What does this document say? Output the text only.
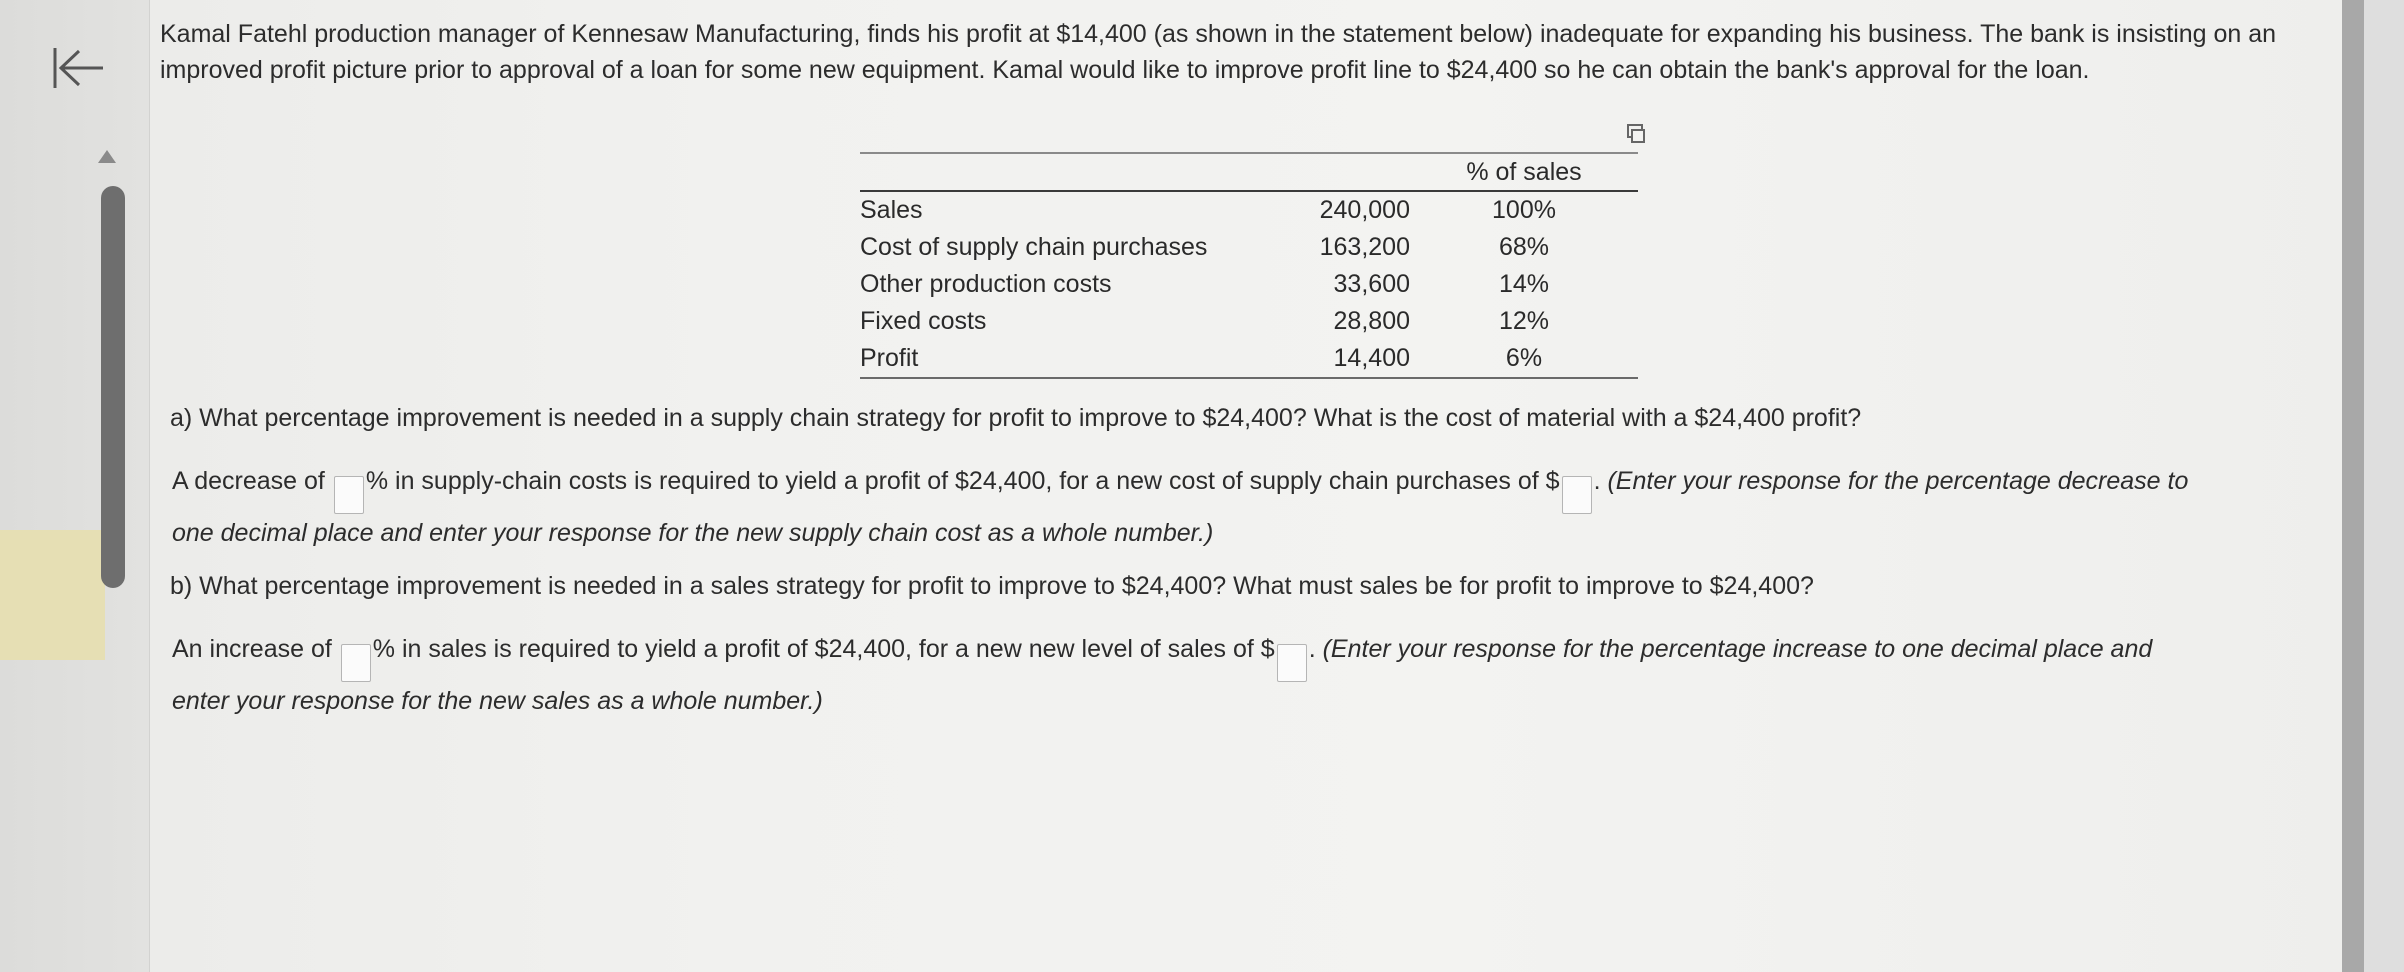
Kamal Fatehl production manager of Kennesaw Manufacturing, finds his profit at $14,400 (as shown in the statement below) inadequate for expanding his business. The bank is insisting on an improved profit picture prior to approval of a loan for some new equipment. Kamal would like to improve profit line to $24,400 so he can obtain the bank's approval for the loan.

		% of sales
Sales	240,000	100%
Cost of supply chain purchases	163,200	68%
Other production costs	33,600	14%
Fixed costs	28,800	12%
Profit	14,400	6%

a) What percentage improvement is needed in a supply chain strategy for profit to improve to $24,400? What is the cost of material with a $24,400 profit?

A decrease of % in supply-chain costs is required to yield a profit of $24,400, for a new cost of supply chain purchases of $ . (Enter your response for the percentage decrease to
one decimal place and enter your response for the new supply chain cost as a whole number.)

b) What percentage improvement is needed in a sales strategy for profit to improve to $24,400? What must sales be for profit to improve to $24,400?

An increase of % in sales is required to yield a profit of $24,400, for a new new level of sales of $ . (Enter your response for the percentage increase to one decimal place and
enter your response for the new sales as a whole number.)
